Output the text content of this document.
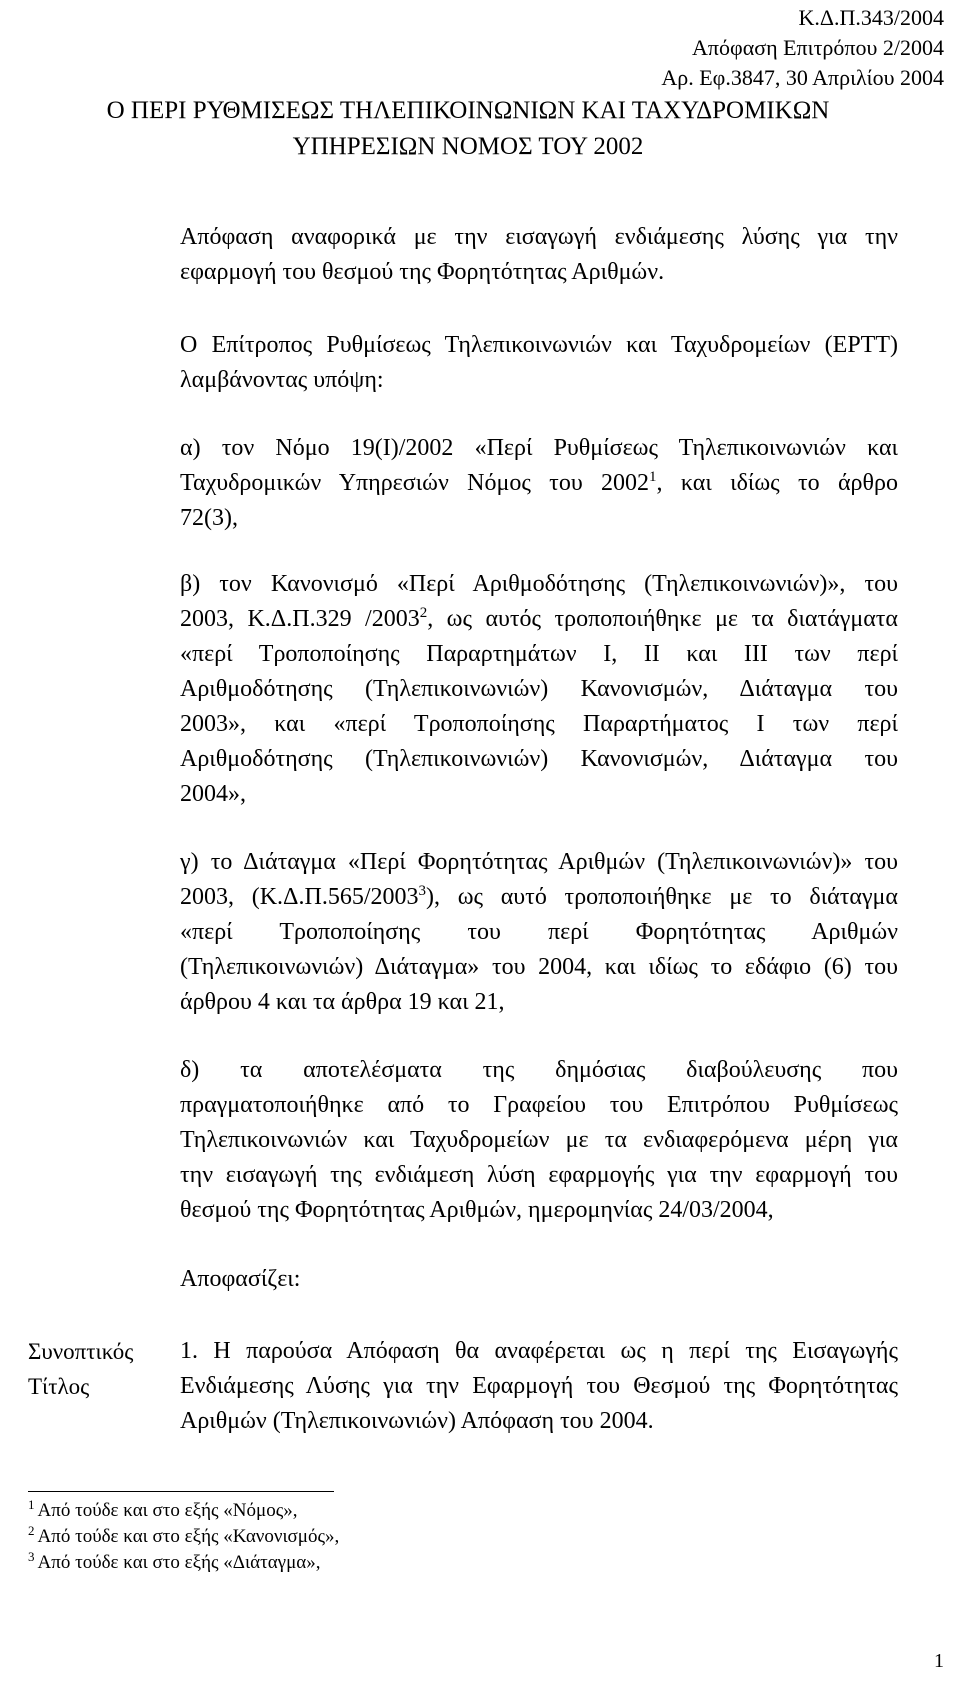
Κ.Δ.Π.343/2004
Απόφαση Επιτρόπου 2/2004
Αρ. Εφ.3847, 30 Απριλίου 2004
Ο ΠΕΡΙ ΡΥΘΜΙΣΕΩΣ ΤΗΛΕΠΙΚΟΙΝΩΝΙΩΝ ΚΑΙ ΤΑΧΥΔΡΟΜΙΚΩΝ
ΥΠΗΡΕΣΙΩΝ ΝΟΜΟΣ ΤΟΥ 2002
Απόφαση αναφορικά με την εισαγωγή ενδιάμεσης λύσης για την
εφαρμογή του θεσμού της Φορητότητας Αριθμών.
Ο Επίτροπος Ρυθμίσεως Τηλεπικοινωνιών και Ταχυδρομείων (ΕΡΤΤ)
λαμβάνοντας υπόψη:
α) τον Νόμο 19(Ι)/2002 «Περί Ρυθμίσεως Τηλεπικοινωνιών και
Ταχυδρομικών Υπηρεσιών Νόμος του 2002$^1$, και ιδίως το άρθρο
72(3),
β) τον Κανονισμό «Περί Αριθμοδότησης (Τηλεπικοινωνιών)», του
2003, Κ.Δ.Π.329 /2003$^2$, ως αυτός τροποποιήθηκε με τα διατάγματα
«περί Τροποποίησης Παραρτημάτων Ι, ΙΙ και ΙΙΙ των περί
Αριθμοδότησης (Τηλεπικοινωνιών) Κανονισμών, Διάταγμα του
2003», και «περί Τροποποίησης Παραρτήματος Ι των περί
Αριθμοδότησης (Τηλεπικοινωνιών) Κανονισμών, Διάταγμα του
2004»,
γ) το Διάταγμα «Περί Φορητότητας Αριθμών (Τηλεπικοινωνιών)» του
2003, (Κ.Δ.Π.565/2003$^3$), ως αυτό τροποποιήθηκε με το διάταγμα
«περί Τροποποίησης του περί Φορητότητας Αριθμών
(Τηλεπικοινωνιών) Διάταγμα» του 2004, και ιδίως το εδάφιο (6) του
άρθρου 4 και τα άρθρα 19 και 21,
δ) τα αποτελέσματα της δημόσιας διαβούλευσης που
πραγματοποιήθηκε από το Γραφείου του Επιτρόπου Ρυθμίσεως
Τηλεπικοινωνιών και Ταχυδρομείων με τα ενδιαφερόμενα μέρη για
την εισαγωγή της ενδιάμεση λύση εφαρμογής για την εφαρμογή του
θεσμού της Φορητότητας Αριθμών, ημερομηνίας 24/03/2004,
Αποφασίζει:
Συνοπτικός
Τίτλος
1. Η παρούσα Απόφαση θα αναφέρεται ως η περί της Εισαγωγής
Ενδιάμεσης Λύσης για την Εφαρμογή του Θεσμού της Φορητότητας
Αριθμών (Τηλεπικοινωνιών) Απόφαση του 2004.
$^1$ Από τούδε και στο εξής «Νόμος»,
$^2$ Από τούδε και στο εξής «Κανονισμός»,
$^3$ Από τούδε και στο εξής «Διάταγμα»,
1
